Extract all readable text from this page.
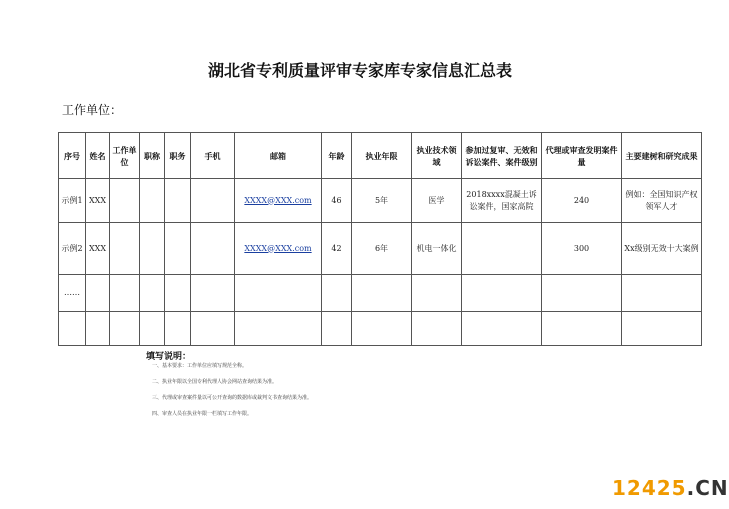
湖北省专利质量评审专家库专家信息汇总表
工作单位：
序号	姓名	工作单位	职称	职务	手机	邮箱	年龄	执业年限	执业技术领域	参加过复审、无效和诉讼案件、案件级别	代理或审查发明案件量	主要建树和研究成果
示例1	XXX					XXXX@XXX.com	46	5年	医学	2018xxxx混凝土诉讼案件，国家高院	240	例如：全国知识产权领军人才
示例2	XXX					XXXX@XXX.com	42	6年	机电一体化		300	Xx级别无效十大案例
……												

填写说明：
一、基本要求：工作单位应填写规范全称。
二、执业年限以全国专利代理人协会网站查询结果为准。
三、代理或审查案件量以可公开查询的数据库或裁判文书查询结果为准。
四、审查人员在执业年限一栏填写工作年限。
12425.CN
